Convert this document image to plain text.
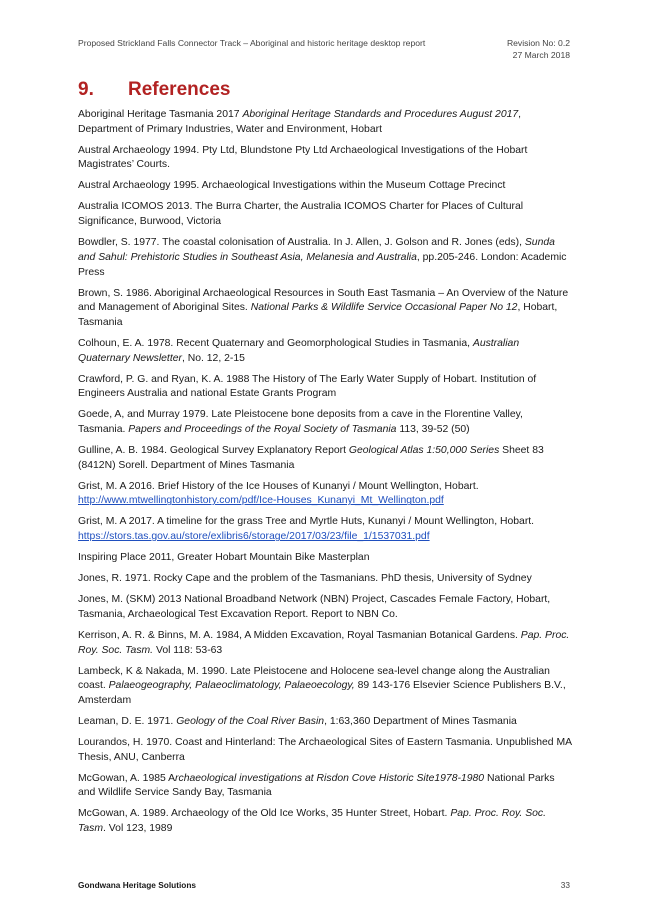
Proposed Strickland Falls Connector Track – Aboriginal and historic heritage desktop report	Revision No: 0.2
27 March 2018
9. References

Aboriginal Heritage Tasmania 2017 Aboriginal Heritage Standards and Procedures August 2017, Department of Primary Industries, Water and Environment, Hobart

Austral Archaeology 1994. Pty Ltd, Blundstone Pty Ltd Archaeological Investigations of the Hobart Magistrates’ Courts.

Austral Archaeology 1995. Archaeological Investigations within the Museum Cottage Precinct

Australia ICOMOS 2013. The Burra Charter, the Australia ICOMOS Charter for Places of Cultural Significance, Burwood, Victoria

Bowdler, S. 1977. The coastal colonisation of Australia. In J. Allen, J. Golson and R. Jones (eds), Sunda and Sahul: Prehistoric Studies in Southeast Asia, Melanesia and Australia, pp.205-246. London: Academic Press

Brown, S. 1986. Aboriginal Archaeological Resources in South East Tasmania – An Overview of the Nature and Management of Aboriginal Sites. National Parks & Wildlife Service Occasional Paper No 12, Hobart, Tasmania

Colhoun, E. A. 1978. Recent Quaternary and Geomorphological Studies in Tasmania, Australian Quaternary Newsletter, No. 12, 2-15

Crawford, P. G. and Ryan, K. A. 1988 The History of The Early Water Supply of Hobart. Institution of Engineers Australia and national Estate Grants Program

Goede, A, and Murray 1979. Late Pleistocene bone deposits from a cave in the Florentine Valley, Tasmania. Papers and Proceedings of the Royal Society of Tasmania 113, 39-52 (50)

Gulline, A. B. 1984. Geological Survey Explanatory Report Geological Atlas 1:50,000 Series Sheet 83 (8412N) Sorell. Department of Mines Tasmania

Grist, M. A 2016. Brief History of the Ice Houses of Kunanyi / Mount Wellington, Hobart. http://www.mtwellingtonhistory.com/pdf/Ice-Houses_Kunanyi_Mt_Wellington.pdf

Grist, M. A 2017. A timeline for the grass Tree and Myrtle Huts, Kunanyi / Mount Wellington, Hobart. https://stors.tas.gov.au/store/exlibris6/storage/2017/03/23/file_1/1537031.pdf

Inspiring Place 2011, Greater Hobart Mountain Bike Masterplan

Jones, R. 1971. Rocky Cape and the problem of the Tasmanians. PhD thesis, University of Sydney

Jones, M. (SKM) 2013 National Broadband Network (NBN) Project, Cascades Female Factory, Hobart, Tasmania, Archaeological Test Excavation Report. Report to NBN Co.

Kerrison, A. R. & Binns, M. A. 1984, A Midden Excavation, Royal Tasmanian Botanical Gardens. Pap. Proc. Roy. Soc. Tasm. Vol 118: 53-63

Lambeck, K & Nakada, M. 1990. Late Pleistocene and Holocene sea-level change along the Australian coast. Palaeogeography, Palaeoclimatology, Palaeoecology, 89 143-176 Elsevier Science Publishers B.V., Amsterdam

Leaman, D. E. 1971. Geology of the Coal River Basin, 1:63,360 Department of Mines Tasmania

Lourandos, H. 1970. Coast and Hinterland: The Archaeological Sites of Eastern Tasmania. Unpublished MA Thesis, ANU, Canberra

McGowan, A. 1985 Archaeological investigations at Risdon Cove Historic Site1978-1980 National Parks and Wildlife Service Sandy Bay, Tasmania

McGowan, A. 1989. Archaeology of the Old Ice Works, 35 Hunter Street, Hobart. Pap. Proc. Roy. Soc. Tasm. Vol 123, 1989

Gondwana Heritage Solutions	33
